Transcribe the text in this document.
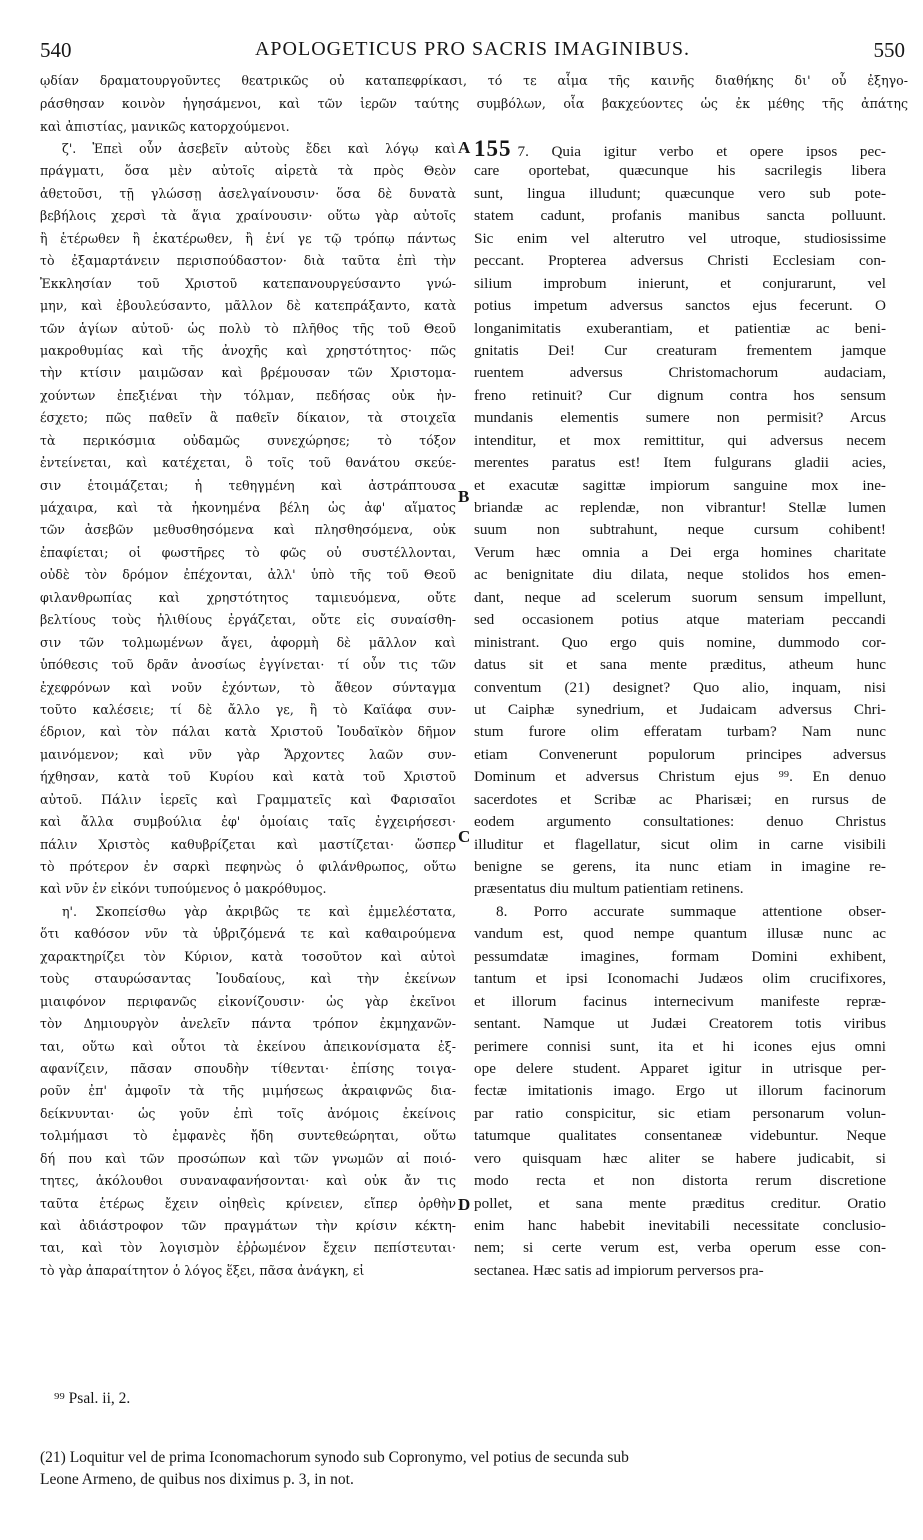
540	APOLOGETICUS PRO SACRIS IMAGINIBUS.	550
ῳδίαν δραματουργοῦντες θεατρικῶς οὐ καταπεφρίκασι, τό τε αἷμα τῆς καινῆς διαθήκης δι' οὗ ἐξηγο-
ράσθησαν κοινὸν ἡγησάμενοι, καὶ τῶν ἱερῶν ταύτης συμβόλων, οἷα βακχεύοντες ὡς ἐκ μέθης τῆς ἀπάτης
καὶ ἀπιστίας, μανικῶς κατορχούμενοι.
ζ'. Ἐπεὶ οὖν ἀσεβεῖν αὐτοὺς ἔδει καὶ λόγῳ καὶ
πράγματι, ὅσα μὲν αὐτοῖς αἱρετὰ τὰ πρὸς Θεὸν
ἀθετοῦσι, τῇ γλώσσῃ ἀσελγαίνουσιν· ὅσα δὲ δυνατὰ
βεβήλοις χερσὶ τὰ ἅγια χραίνουσιν· οὕτω γὰρ αὐτοῖς
ἢ ἑτέρωθεν ἢ ἑκατέρωθεν, ἢ ἑνί γε τῷ τρόπῳ πάντως
τὸ ἐξαμαρτάνειν περισπούδαστον· διὰ ταῦτα ἐπὶ τὴν
Ἐκκλησίαν τοῦ Χριστοῦ κατεπανουργεύσαντο γνώ-
μην, καὶ ἐβουλεύσαντο, μᾶλλον δὲ κατεπράξαντο, κατὰ
τῶν ἁγίων αὐτοῦ· ὡς πολὺ τὸ πλῆθος τῆς τοῦ Θεοῦ
μακροθυμίας καὶ τῆς ἀνοχῆς καὶ χρηστότητος· πῶς
τὴν κτίσιν μαιμῶσαν καὶ βρέμουσαν τῶν Χριστομα-
χούντων ἐπεξιέναι τὴν τόλμαν, πεδήσας οὐκ ἠν-
έσχετο; πῶς παθεῖν ἃ παθεῖν δίκαιον, τὰ στοιχεῖα
τὰ περικόσμια οὐδαμῶς συνεχώρησε; τὸ τόξον
ἐντείνεται, καὶ κατέχεται, ὃ τοῖς τοῦ θανάτου σκεύε-
σιν ἑτοιμάζεται; ἡ τεθηγμένη καὶ ἀστράπτουσα
μάχαιρα, καὶ τὰ ἠκονημένα βέλη ὡς ἀφ' αἵματος
τῶν ἀσεβῶν μεθυσθησόμενα καὶ πλησθησόμενα, οὐκ
ἐπαφίεται; οἱ φωστῆρες τὸ φῶς οὐ συστέλλονται,
οὐδὲ τὸν δρόμον ἐπέχονται, ἀλλ' ὑπὸ τῆς τοῦ Θεοῦ
φιλανθρωπίας καὶ χρηστότητος ταμιευόμενα, οὔτε
βελτίους τοὺς ἠλιθίους ἐργάζεται, οὔτε εἰς συναίσθη-
σιν τῶν τολμωμένων ἄγει, ἀφορμὴ δὲ μᾶλλον καὶ
ὑπόθεσις τοῦ δρᾶν ἀνοσίως ἐγγίνεται· τί οὖν τις τῶν
ἐχεφρόνων καὶ νοῦν ἐχόντων, τὸ ἄθεον σύνταγμα
τοῦτο καλέσειε; τί δὲ ἄλλο γε, ἢ τὸ Καϊάφα συν-
έδριον, καὶ τὸν πάλαι κατὰ Χριστοῦ Ἰουδαϊκὸν δῆμον
μαινόμενον; καὶ νῦν γὰρ Ἄρχοντες λαῶν συν-
ήχθησαν, κατὰ τοῦ Κυρίου καὶ κατὰ τοῦ Χριστοῦ
αὐτοῦ. Πάλιν ἱερεῖς καὶ Γραμματεῖς καὶ Φαρισαῖοι
καὶ ἄλλα συμβούλια ἐφ' ὁμοίαις ταῖς ἐγχειρήσεσι·
πάλιν Χριστὸς καθυβρίζεται καὶ μαστίζεται· ὥσπερ
τὸ πρότερον ἐν σαρκὶ πεφηνὼς ὁ φιλάνθρωπος, οὕτω
καὶ νῦν ἐν εἰκόνι τυπούμενος ὁ μακρόθυμος.
η'. Σκοπείσθω γὰρ ἀκριβῶς τε καὶ ἐμμελέστατα,
ὅτι καθόσον νῦν τὰ ὑβριζόμενά τε καὶ καθαιρούμενα
χαρακτηρίζει τὸν Κύριον, κατὰ τοσοῦτον καὶ αὐτοὶ
τοὺς σταυρώσαντας Ἰουδαίους, καὶ τὴν ἐκείνων
μιαιφόνον περιφανῶς εἰκονίζουσιν· ὡς γὰρ ἐκεῖνοι
τὸν Δημιουργὸν ἀνελεῖν πάντα τρόπον ἐκμηχανῶν-
ται, οὕτω καὶ οὗτοι τὰ ἐκείνου ἀπεικονίσματα ἐξ-
αφανίζειν, πᾶσαν σπουδὴν τίθενται· ἐπίσης τοιγα-
ροῦν ἐπ' ἀμφοῖν τὰ τῆς μιμήσεως ἀκραιφνῶς δια-
δείκνυνται· ὡς γοῦν ἐπὶ τοῖς ἀνόμοις ἐκείνοις
τολμήμασι τὸ ἐμφανὲς ἤδη συντεθεώρηται, οὕτω
δή που καὶ τῶν προσώπων καὶ τῶν γνωμῶν αἱ ποιό-
τητες, ἀκόλουθοι συναναφανήσονται· καὶ οὐκ ἄν τις
ταῦτα ἑτέρως ἔχειν οἰηθεὶς κρίνειεν, εἴπερ ὀρθὴν
καὶ ἀδιάστροφον τῶν πραγμάτων τὴν κρίσιν κέκτη-
ται, καὶ τὸν λογισμὸν ἐῤῥωμένον ἔχειν πεπίστευται·
τὸ γὰρ ἀπαραίτητον ὁ λόγος ἕξει, πᾶσα ἀνάγκη, εἰ
155 7. Quia igitur verbo et opere ipsos pec-
care oportebat, quæcunque his sacrilegis libera
sunt, lingua illudunt; quæcunque vero sub pote-
statem cadunt, profanis manibus sancta polluunt.
Sic enim vel alterutro vel utroque, studiosissime
peccant. Propterea adversus Christi Ecclesiam con-
silium improbum inierunt, et conjurarunt, vel
potius impetum adversus sanctos ejus fecerunt. O
longanimitatis exuberantiam, et patientiæ ac beni-
gnitatis Dei! Cur creaturam frementem jamque
ruentem adversus Christomachorum audaciam,
freno retinuit? Cur dignum contra hos sensum
mundanis elementis sumere non permisit? Arcus
intenditur, et mox remittitur, qui adversus necem
merentes paratus est! Item fulgurans gladii acies,
et exacutæ sagittæ impiorum sanguine mox ine-
briandæ ac replendæ, non vibrantur! Stellæ lumen
suum non subtrahunt, neque cursum cohibent!
Verum hæc omnia a Dei erga homines charitate
ac benignitate diu dilata, neque stolidos hos emen-
dant, neque ad scelerum suorum sensum impellunt,
sed occasionem potius atque materiam peccandi
ministrant. Quo ergo quis nomine, dummodo cor-
datus sit et sana mente præditus, atheum hunc
conventum (21) designet? Quo alio, inquam, nisi
ut Caiphæ synedrium, et Judaicam adversus Chri-
stum furore olim efferatam turbam? Nam nunc
etiam Convenerunt populorum principes adversus
Dominum et adversus Christum ejus ⁹⁹. En denuo
sacerdotes et Scribæ ac Pharisæi; en rursus de
eodem argumento consultationes: denuo Christus
illuditur et flagellatur, sicut olim in carne visibili
benigne se gerens, ita nunc etiam in imagine re-
præsentatus diu multum patientiam retinens.
8. Porro accurate summaque attentione obser-
vandum est, quod nempe quantum illusæ nunc ac
pessumdatæ imagines, formam Domini exhibent,
tantum et ipsi Iconomachi Judæos olim crucifixores,
et illorum facinus internecivum manifeste repræ-
sentant. Namque ut Judæi Creatorem totis viribus
perimere connisi sunt, ita et hi icones ejus omni
ope delere student. Apparet igitur in utrisque per-
fectæ imitationis imago. Ergo ut illorum facinorum
par ratio conspicitur, sic etiam personarum volun-
tatumque qualitates consentaneæ videbuntur. Neque
vero quisquam hæc aliter se habere judicabit, si
modo recta et non distorta rerum discretione
pollet, et sana mente præditus creditur. Oratio
enim hanc habebit inevitabili necessitate conclusio-
nem; si certe verum est, verba operum esse con-
sectanea. Hæc satis ad impiorum perversos pra-
A
B
C
D
⁹⁹ Psal. ii, 2.
(21) Loquitur vel de prima Iconomachorum synodo sub Copronymo, vel potius de secunda sub
Leone Armeno, de quibus nos diximus p. 3, in not.
